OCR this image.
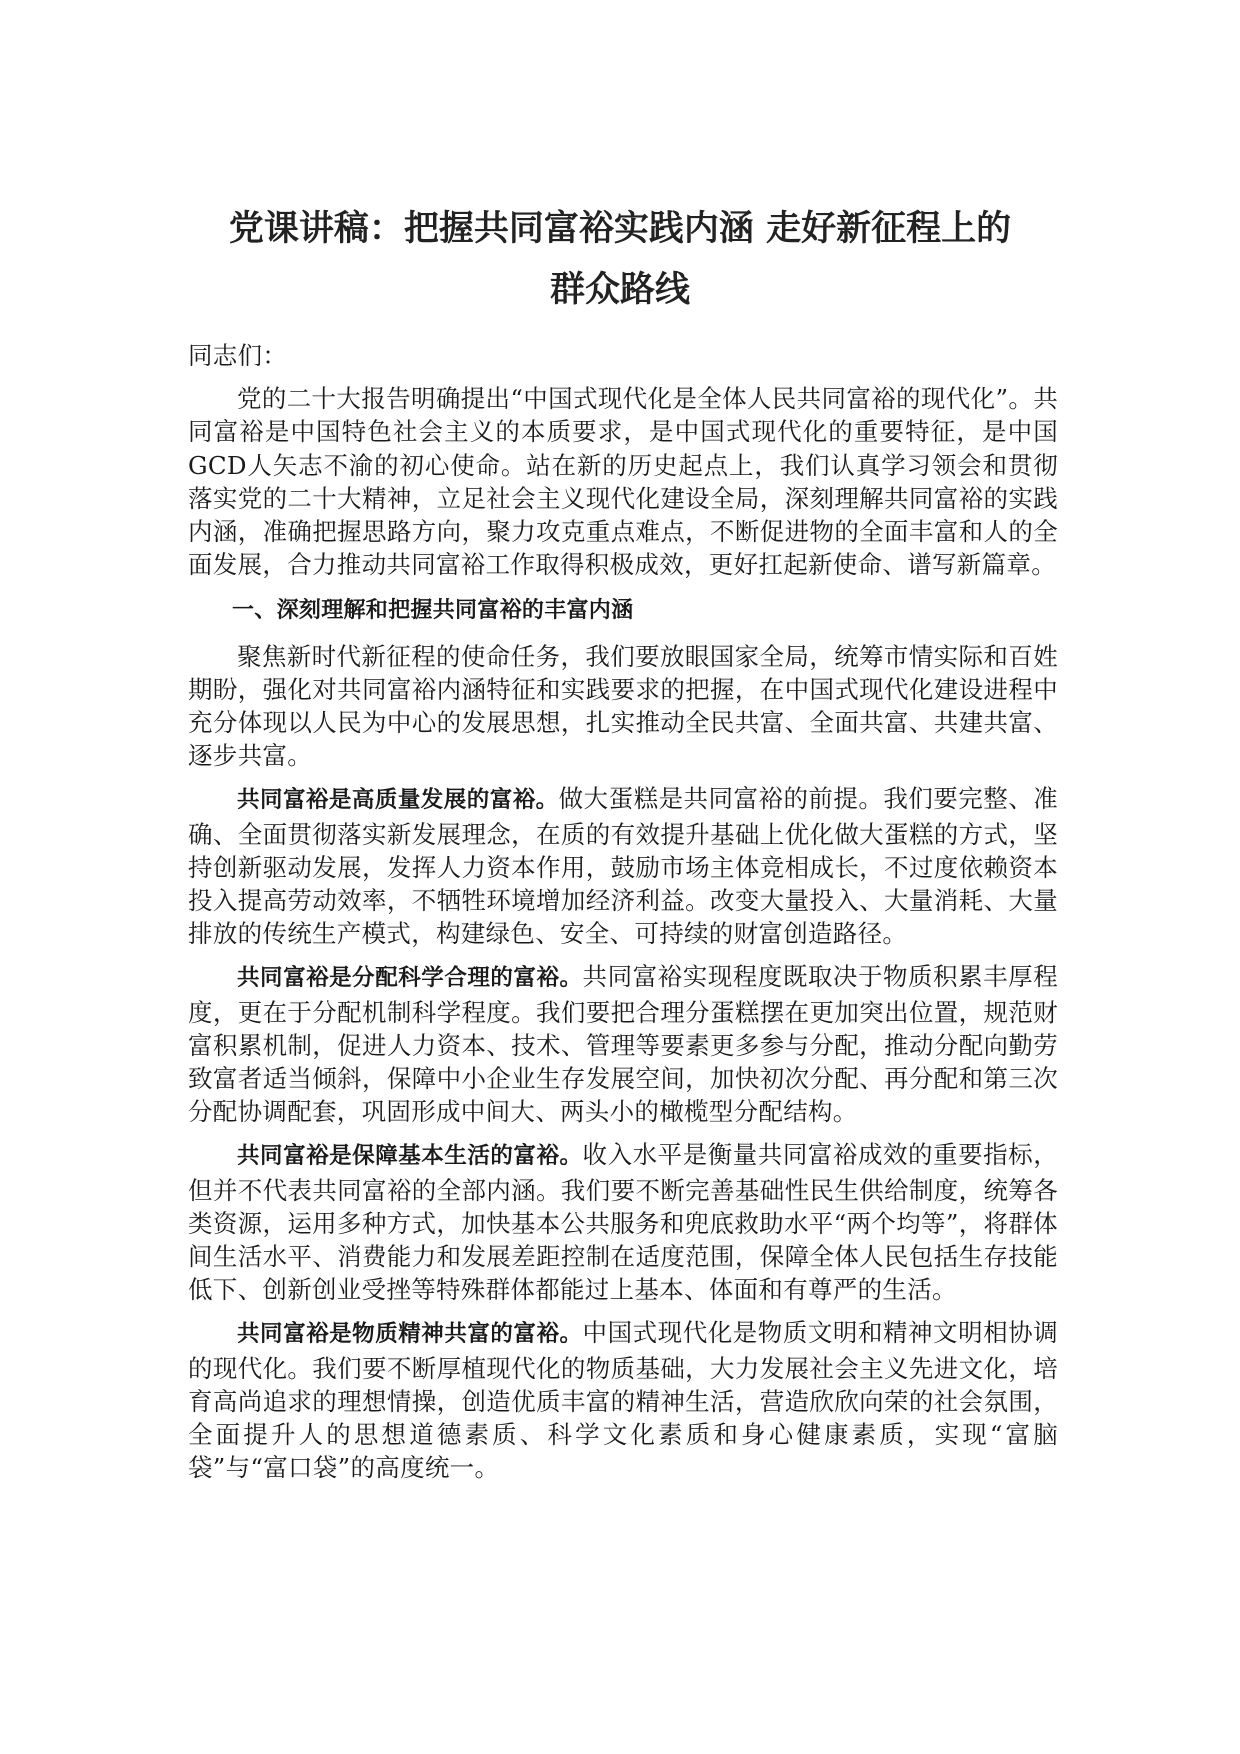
党课讲稿：把握共同富裕实践内涵 走好新征程上的
群众路线

同志们：

党的二十大报告明确提出“中国式现代化是全体人民共同富裕的现代化”。共同富裕是中国特色社会主义的本质要求，是中国式现代化的重要特征，是中国GCD人矢志不渝的初心使命。站在新的历史起点上，我们认真学习领会和贯彻落实党的二十大精神，立足社会主义现代化建设全局，深刻理解共同富裕的实践内涵，准确把握思路方向，聚力攻克重点难点，不断促进物的全面丰富和人的全面发展，合力推动共同富裕工作取得积极成效，更好扛起新使命、谱写新篇章。

一、深刻理解和把握共同富裕的丰富内涵

聚焦新时代新征程的使命任务，我们要放眼国家全局，统筹市情实际和百姓期盼，强化对共同富裕内涵特征和实践要求的把握，在中国式现代化建设进程中充分体现以人民为中心的发展思想，扎实推动全民共富、全面共富、共建共富、逐步共富。

共同富裕是高质量发展的富裕。做大蛋糕是共同富裕的前提。我们要完整、准确、全面贯彻落实新发展理念，在质的有效提升基础上优化做大蛋糕的方式，坚持创新驱动发展，发挥人力资本作用，鼓励市场主体竞相成长，不过度依赖资本投入提高劳动效率，不牺牲环境增加经济利益。改变大量投入、大量消耗、大量排放的传统生产模式，构建绿色、安全、可持续的财富创造路径。

共同富裕是分配科学合理的富裕。共同富裕实现程度既取决于物质积累丰厚程度，更在于分配机制科学程度。我们要把合理分蛋糕摆在更加突出位置，规范财富积累机制，促进人力资本、技术、管理等要素更多参与分配，推动分配向勤劳致富者适当倾斜，保障中小企业生存发展空间，加快初次分配、再分配和第三次分配协调配套，巩固形成中间大、两头小的橄榄型分配结构。

共同富裕是保障基本生活的富裕。收入水平是衡量共同富裕成效的重要指标，但并不代表共同富裕的全部内涵。我们要不断完善基础性民生供给制度，统筹各类资源，运用多种方式，加快基本公共服务和兜底救助水平“两个均等”，将群体间生活水平、消费能力和发展差距控制在适度范围，保障全体人民包括生存技能低下、创新创业受挫等特殊群体都能过上基本、体面和有尊严的生活。

共同富裕是物质精神共富的富裕。中国式现代化是物质文明和精神文明相协调的现代化。我们要不断厚植现代化的物质基础，大力发展社会主义先进文化，培育高尚追求的理想情操，创造优质丰富的精神生活，营造欣欣向荣的社会氛围，全面提升人的思想道德素质、科学文化素质和身心健康素质，实现“富脑袋”与“富口袋”的高度统一。
